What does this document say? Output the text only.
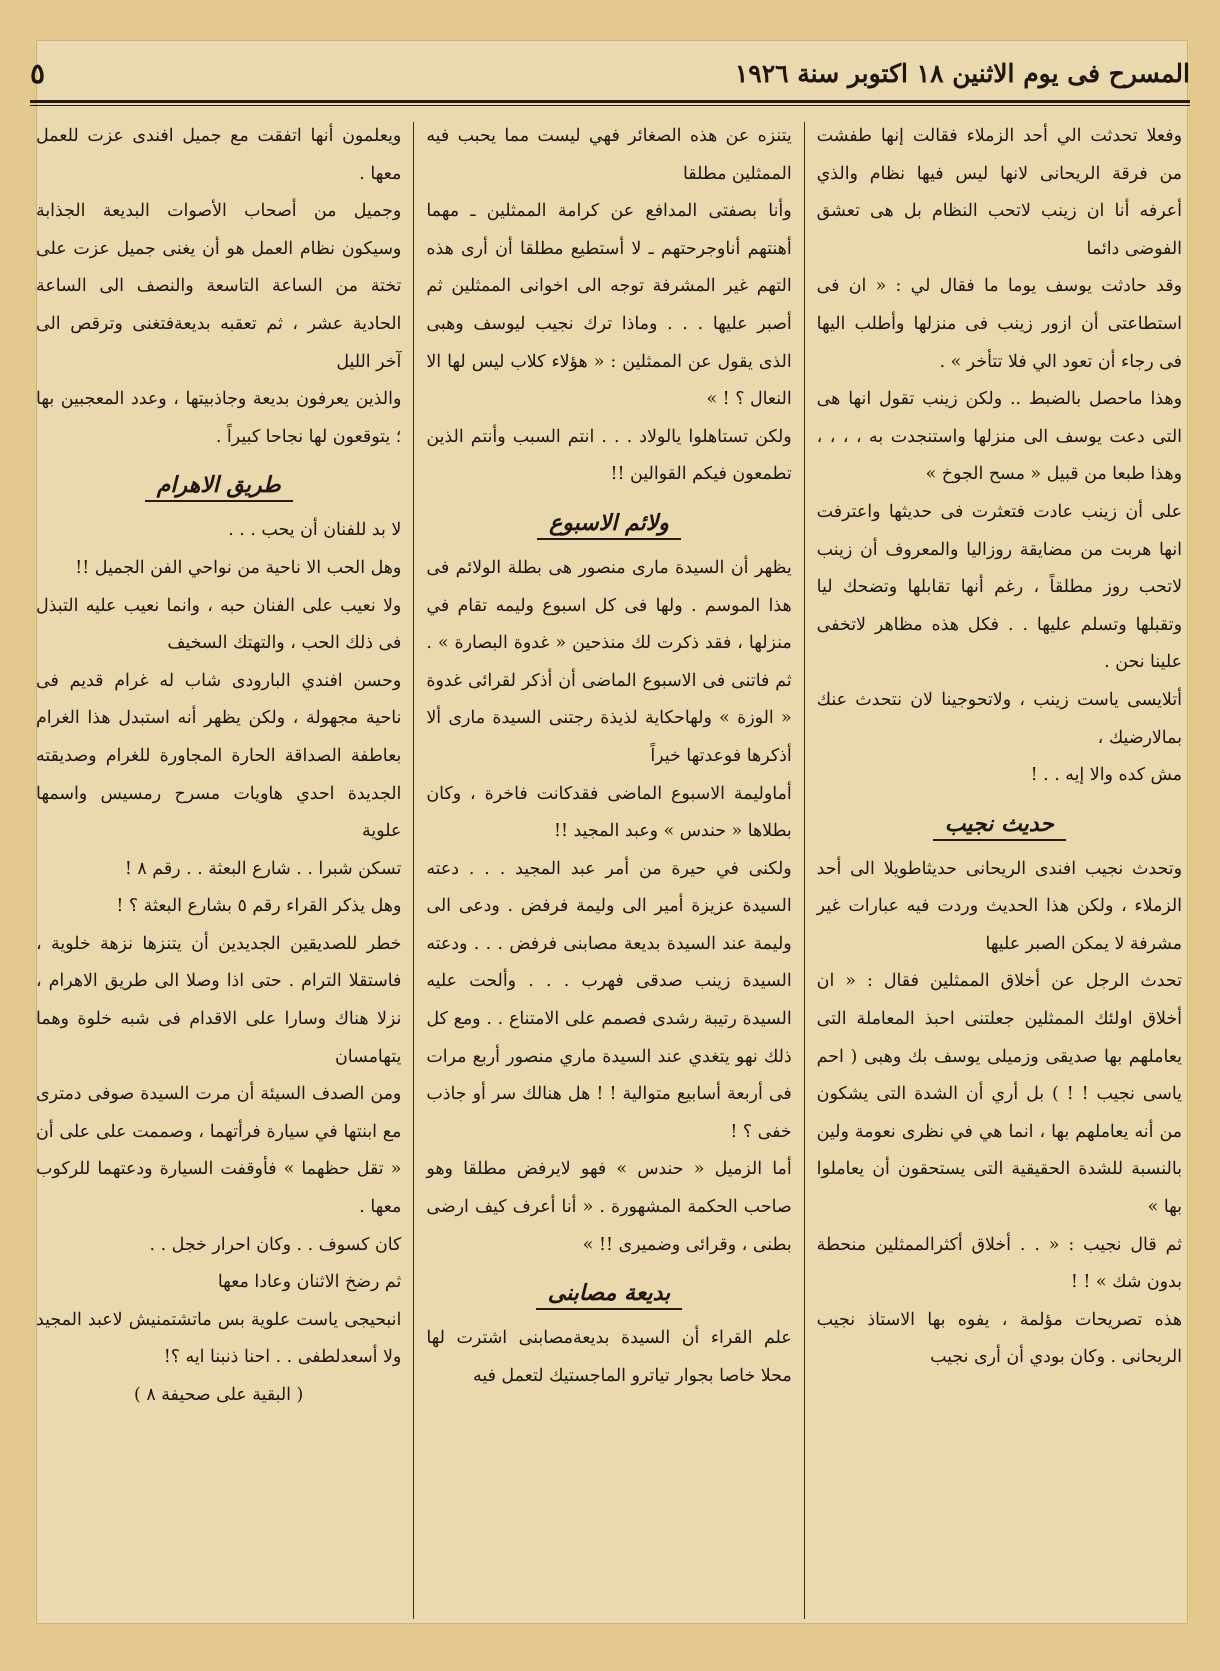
المسرح فى يوم الاثنين ١٨ اكتوبر سنة ١٩٢٦
٥

وفعلا تحدثت الي أحد الزملاء فقالت إنها طفشت من فرقة الريحانى لانها ليس فيها نظام والذي أعرفه أنا ان زينب لاتحب النظام بل هى تعشق الفوضى دائما

وقد حادثت يوسف يوما ما فقال لي : « ان فى استطاعتى أن ازور زينب فى منزلها وأطلب اليها فى رجاء أن تعود الي فلا تتأخر » .

وهذا ماحصل بالضبط .. ولكن زينب تقول انها هى التى دعت يوسف الى منزلها واستنجدت به ، ، ، ، وهذا طبعا من قبيل « مسح الجوخ »

على أن زينب عادت فتعثرت فى حديثها واعترفت انها هربت من مضايقة روزاليا والمعروف أن زينب لاتحب روز مطلقاً ، رغم أنها تقابلها وتضحك ليا وتقبلها وتسلم عليها . . فكل هذه مظاهر لاتخفى علينا نحن .

أتلايسى ياست زينب ، ولاتحوجينا لان نتحدث عنك بمالارضيك ،

مش كده والا إيه . . !

حديث نجيب

وتحدث نجيب افندى الريحانى حديثاطويلا الى أحد الزملاء ، ولكن هذا الحديث وردت فيه عبارات غير مشرفة لا يمكن الصبر عليها

تحدث الرجل عن أخلاق الممثلين فقال : « ان أخلاق اولئك الممثلين جعلتنى احبذ المعاملة التى يعاملهم بها صديقى وزميلى يوسف بك وهبى ( احم ياسى نجيب ! ! ) بل أري أن الشدة التى يشكون من أنه يعاملهم بها ، انما هي في نظرى نعومة ولين بالنسبة للشدة الحقيقية التى يستحقون أن يعاملوا بها »

ثم قال نجيب : « . . أخلاق أكثرالممثلين منحطة بدون شك » ! !

هذه تصريحات مؤلمة ، يفوه بها الاستاذ نجيب الريحانى . وكان بودي أن أرى نجيب

يتنزه عن هذه الصغائر فهي ليست مما يحبب فيه الممثلين مطلقا

وأنا بصفتى المدافع عن كرامة الممثلين ـ مهما أهنتهم أناوجرحتهم ـ لا أستطيع مطلقا أن أرى هذه التهم غير المشرفة توجه الى اخوانى الممثلين ثم أصبر عليها . . . وماذا ترك نجيب ليوسف وهبى الذى يقول عن الممثلين : « هؤلاء كلاب ليس لها الا النعال ؟ ! »

ولكن تستاهلوا يالولاد . . . انتم السبب وأنتم الذين تطمعون فيكم القوالين !!

ولائم الاسبوع

يظهر أن السيدة مارى منصور هى بطلة الولائم فى هذا الموسم . ولها فى كل اسبوع وليمه تقام في منزلها ، فقد ذكرت لك منذحين « غدوة البصارة » . ثم فاتنى فى الاسبوع الماضى أن أذكر لقرائى غدوة « الوزة » ولهاحكاية لذيذة رجتنى السيدة مارى ألا أذكرها فوعدتها خيراً

أماوليمة الاسبوع الماضى فقدكانت فاخرة ، وكان بطلاها « حندس » وعبد المجيد !!

ولكنى في حيرة من أمر عبد المجيد . . . دعته السيدة عزيزة أمير الى وليمة فرفض . ودعى الى وليمة عند السيدة بديعة مصابنى فرفض . . . ودعته السيدة زينب صدقى فهرب . . . وألحت عليه السيدة رتيبة رشدى فصمم على الامتناع . . ومع كل ذلك نهو يتغدي عند السيدة ماري منصور أربع مرات فى أربعة أسابيع متوالية ! ! هل هنالك سر أو جاذب خفى ؟ !

أما الزميل « حندس » فهو لايرفض مطلقا وهو صاحب الحكمة المشهورة . « أنا أعرف كيف ارضى بطنى ، وقرائى وضميرى !! »

بديعة مصابنى

علم القراء أن السيدة بديعةمصابنى اشترت لها محلا خاصا بجوار تياترو الماجستيك لتعمل فيه

ويعلمون أنها اتفقت مع جميل افندى عزت للعمل معها .

وجميل من أصحاب الأصوات البديعة الجذابة وسيكون نظام العمل هو أن يغنى جميل عزت على تختة من الساعة التاسعة والنصف الى الساعة الحادية عشر ، ثم تعقبه بديعةفتغنى وترقص الى آخر الليل

والذين يعرفون بديعة وجاذبيتها ، وعدد المعجبين بها ؛ يتوقعون لها نجاحا كبيراً .

طريق الاهرام

لا بد للفنان أن يحب . . .

وهل الحب الا ناحية من نواحي الفن الجميل !!

ولا نعيب على الفنان حبه ، وانما نعيب عليه التبذل فى ذلك الحب ، والتهتك السخيف

وحسن افندي البارودى شاب له غرام قديم فى ناحية مجهولة ، ولكن يظهر أنه استبدل هذا الغرام بعاطفة الصداقة الحارة المجاورة للغرام وصديقته الجديدة احدي هاويات مسرح رمسيس واسمها علوية

تسكن شبرا . . شارع البعثة . . رقم ٨ !

وهل يذكر القراء رقم ٥ بشارع البعثة ؟ !

خطر للصديقين الجديدين أن يتنزها نزهة خلوية ، فاستقلا الترام . حتى اذا وصلا الى طريق الاهرام ، نزلا هناك وسارا على الاقدام فى شبه خلوة وهما يتهامسان

ومن الصدف السيئة أن مرت السيدة صوفى دمترى مع ابنتها في سيارة فرأتهما ، وصممت على على أن « تقل حظهما » فأوقفت السيارة ودعتهما للركوب معها .

كان كسوف . . وكان احرار خجل . .

ثم رضخ الاثنان وعادا معها

انبحيجى ياست علوية بس ماتشتمنيش لاعبد المجيد ولا أسعدلطفى . . احنا ذنبنا ايه ؟!

( البقية على صحيفة ٨ )
